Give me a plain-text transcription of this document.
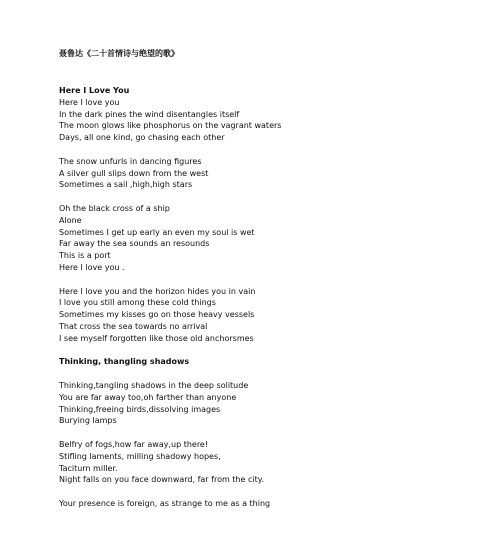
聂鲁达《二十首情诗与绝望的歌》

Here I Love You

Here I love you

In the dark pines the wind disentangles itself

The moon glows like phosphorus on the vagrant waters

Days, all one kind, go chasing each other

The snow unfurls in dancing figures

A silver gull slips down from the west

Sometimes a sail ,high,high stars

Oh the black cross of a ship

Alone

Sometimes I get up early an even my soul is wet

Far away the sea sounds an resounds

This is a port

Here I love you .

Here I love you and the horizon hides you in vain

I love you still among these cold things

Sometimes my kisses go on those heavy vessels

That cross the sea towards no arrival

I see myself forgotten like those old anchorsmes

Thinking, thangling shadows

Thinking,tangling shadows in the deep solitude

You are far away too,oh farther than anyone

Thinking,freeing birds,dissolving images

Burying lamps

Belfry of fogs,how far away,up there!

Stifling laments, milling shadowy hopes,

Taciturn miller.

Night falls on you face downward, far from the city.

Your presence is foreign, as strange to me as a thing
